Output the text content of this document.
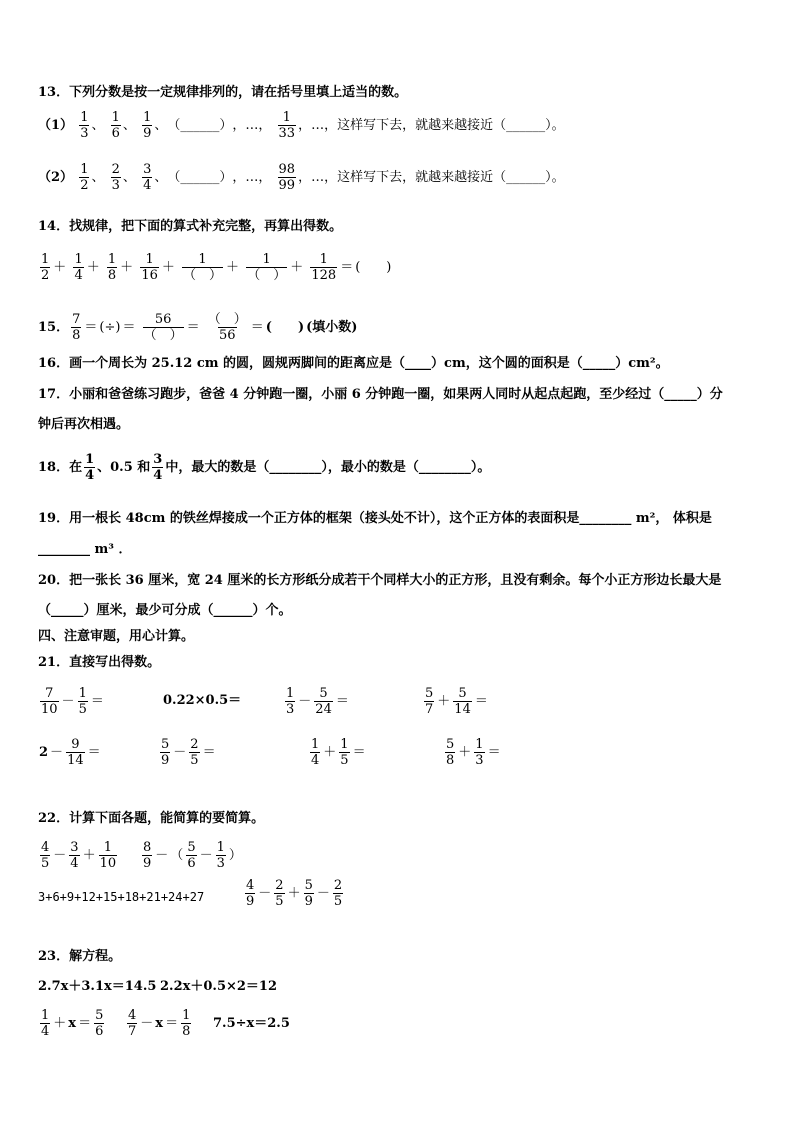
13．下列分数是按一定规律排列的，请在括号里填上适当的数。
$(1) \frac{1}{3}$ 、 $\frac{1}{6}$ 、 $\frac{1}{9}$ 、（______），…， $\frac{1}{33}$ ，…，这样写下去，就越来越接近（______）。
$(2) \frac{1}{2}$ 、 $\frac{2}{3}$ 、 $\frac{3}{4}$ 、（______），…， $\frac{98}{99}$ ，…，这样写下去，就越来越接近（______）。
14．找规律，把下面的算式补充完整，再算出得数。
$\frac{1}{2} + \frac{1}{4} + \frac{1}{8} + \frac{1}{16} + \frac{1}{( )} + \frac{1}{( )} + \frac{1}{128}$ ＝ (　　)
15． $\frac{7}{8}$ ＝ (÷) ＝ $\frac{56}{( )} = \frac{( )}{56}$ ＝ (　　) (填小数)
16．画一个周长为 25.12 cm 的圆，圆规两脚间的距离应是（____）cm，这个圆的面积是（_____）cm²。
17．小丽和爸爸练习跑步，爸爸 4 分钟跑一圈，小丽 6 分钟跑一圈，如果两人同时从起点起跑，至少经过（_____）分
钟后再次相遇。
18．在 $\frac{1}{4}$ 、0.5 和 $\frac{3}{4}$ 中，最大的数是（________），最小的数是（________）。
19．用一根长 48cm 的铁丝焊接成一个正方体的框架（接头处不计），这个正方体的表面积是________ m²， 体积是
________ m³ ．
20．把一张长 36 厘米，宽 24 厘米的长方形纸分成若干个同样大小的正方形，且没有剩余。每个小正方形边长最大是
（_____）厘米，最少可分成（______）个。
四、注意审题，用心计算。
21．直接写出得数。
$\frac{7}{10} - \frac{1}{5}$ ＝	0.22×0.5＝	$\frac{1}{3} - \frac{5}{24}$ ＝	$\frac{5}{7} + \frac{5}{14}$ ＝
$2 - \frac{9}{14}$ ＝	$\frac{5}{9} - \frac{2}{5}$ ＝	$\frac{1}{4} + \frac{1}{5}$ ＝	$\frac{5}{8} + \frac{1}{3}$ ＝
22．计算下面各题，能简算的要简算。
$\frac{4}{5} - \frac{3}{4} + \frac{1}{10} \frac{8}{9}$ － （ $\frac{5}{6} - \frac{1}{3}$ ）
3+6+9+12+15+18+21+24+27	$\frac{4}{9} - \frac{2}{5} + \frac{5}{9} - \frac{2}{5}$
23．解方程。
2.7x＋3.1x＝14.5 2.2x＋0.5×2＝12
$\frac{1}{4} + x = \frac{5}{6} \frac{4}{7} - x = \frac{1}{8} 7.5\div x=2.5$
